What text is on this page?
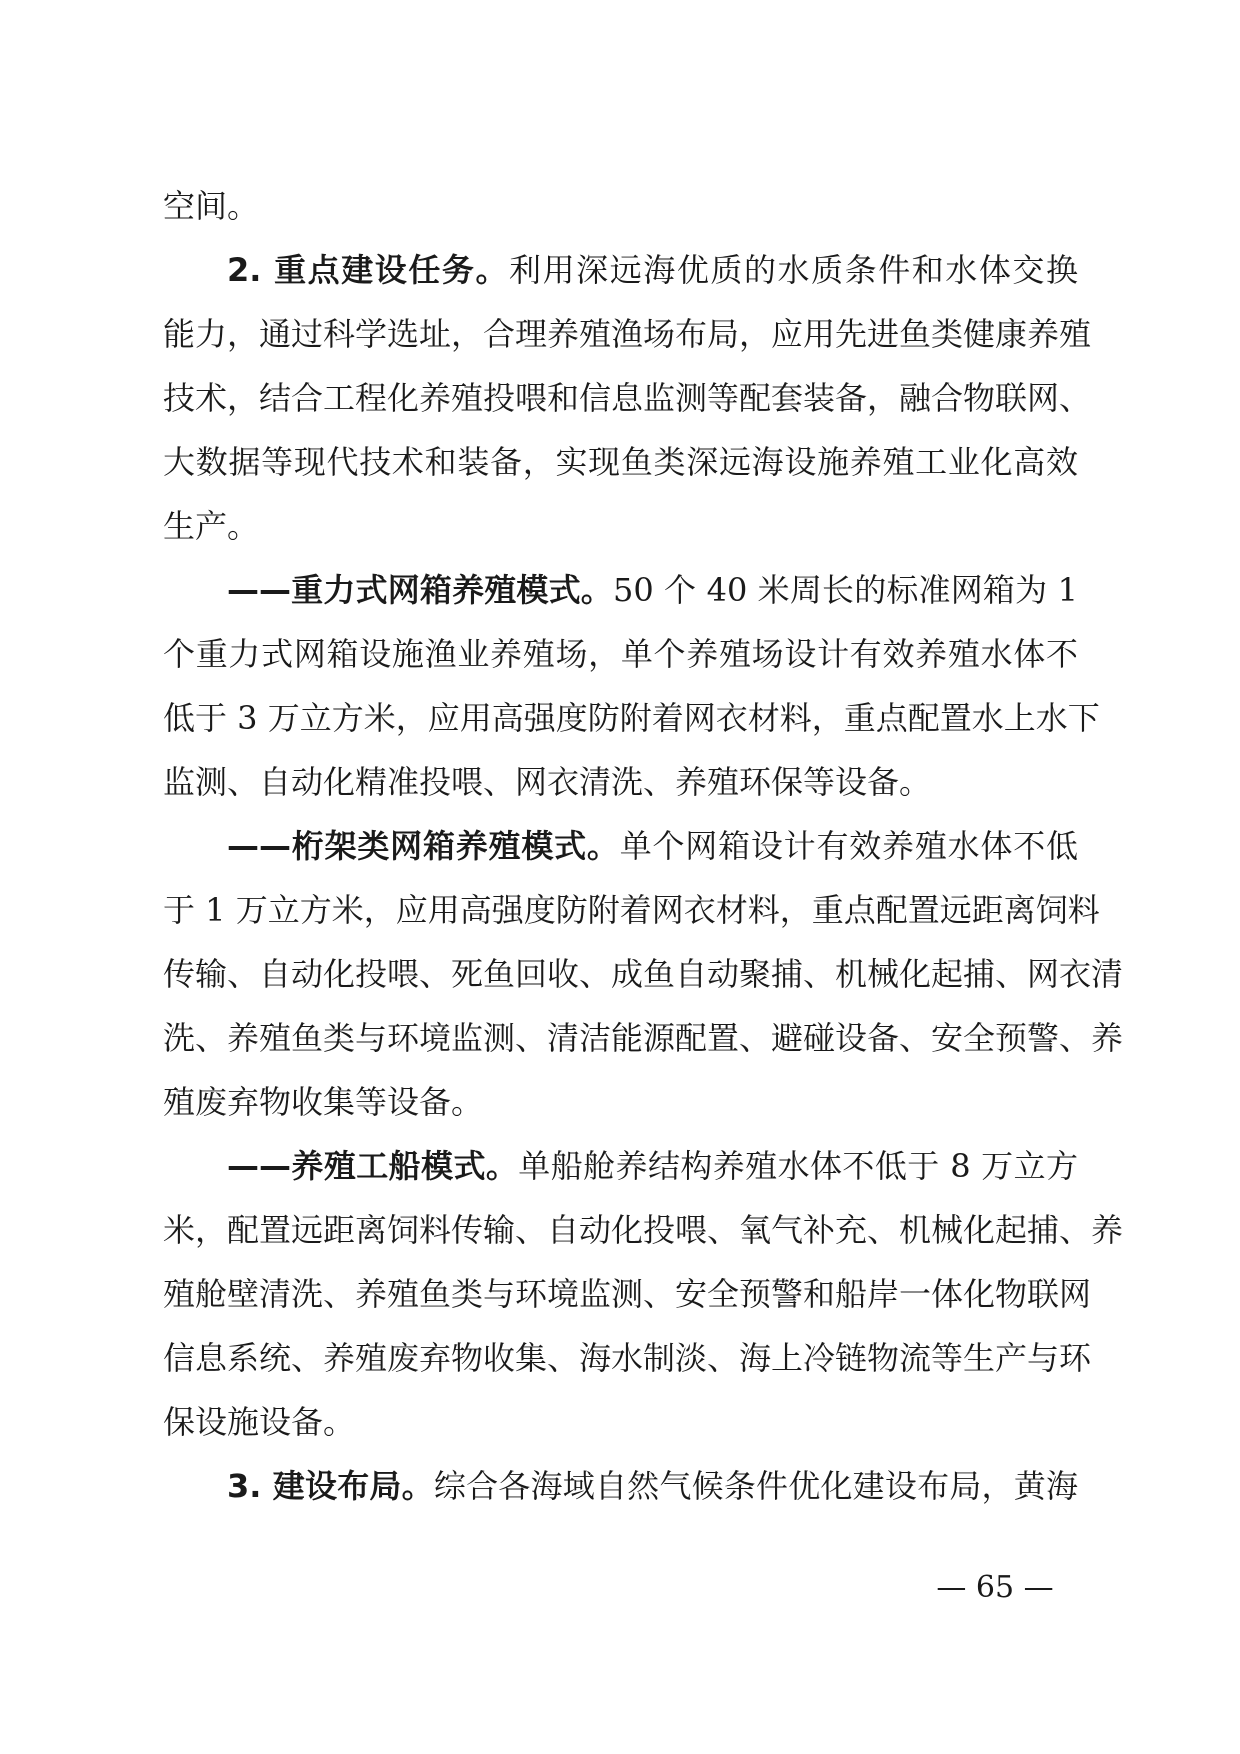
空间。
2. 重点建设任务。利用深远海优质的水质条件和水体交换
能力，通过科学选址，合理养殖渔场布局，应用先进鱼类健康养殖
技术，结合工程化养殖投喂和信息监测等配套装备，融合物联网、
大数据等现代技术和装备，实现鱼类深远海设施养殖工业化高效
生产。
——重力式网箱养殖模式。50 个 40 米周长的标准网箱为 1
个重力式网箱设施渔业养殖场，单个养殖场设计有效养殖水体不
低于 3 万立方米，应用高强度防附着网衣材料，重点配置水上水下
监测、自动化精准投喂、网衣清洗、养殖环保等设备。
——桁架类网箱养殖模式。单个网箱设计有效养殖水体不低
于 1 万立方米，应用高强度防附着网衣材料，重点配置远距离饲料
传输、自动化投喂、死鱼回收、成鱼自动聚捕、机械化起捕、网衣清
洗、养殖鱼类与环境监测、清洁能源配置、避碰设备、安全预警、养
殖废弃物收集等设备。
——养殖工船模式。单船舱养结构养殖水体不低于 8 万立方
米，配置远距离饲料传输、自动化投喂、氧气补充、机械化起捕、养
殖舱壁清洗、养殖鱼类与环境监测、安全预警和船岸一体化物联网
信息系统、养殖废弃物收集、海水制淡、海上冷链物流等生产与环
保设施设备。
3. 建设布局。综合各海域自然气候条件优化建设布局，黄海
— 65 —
